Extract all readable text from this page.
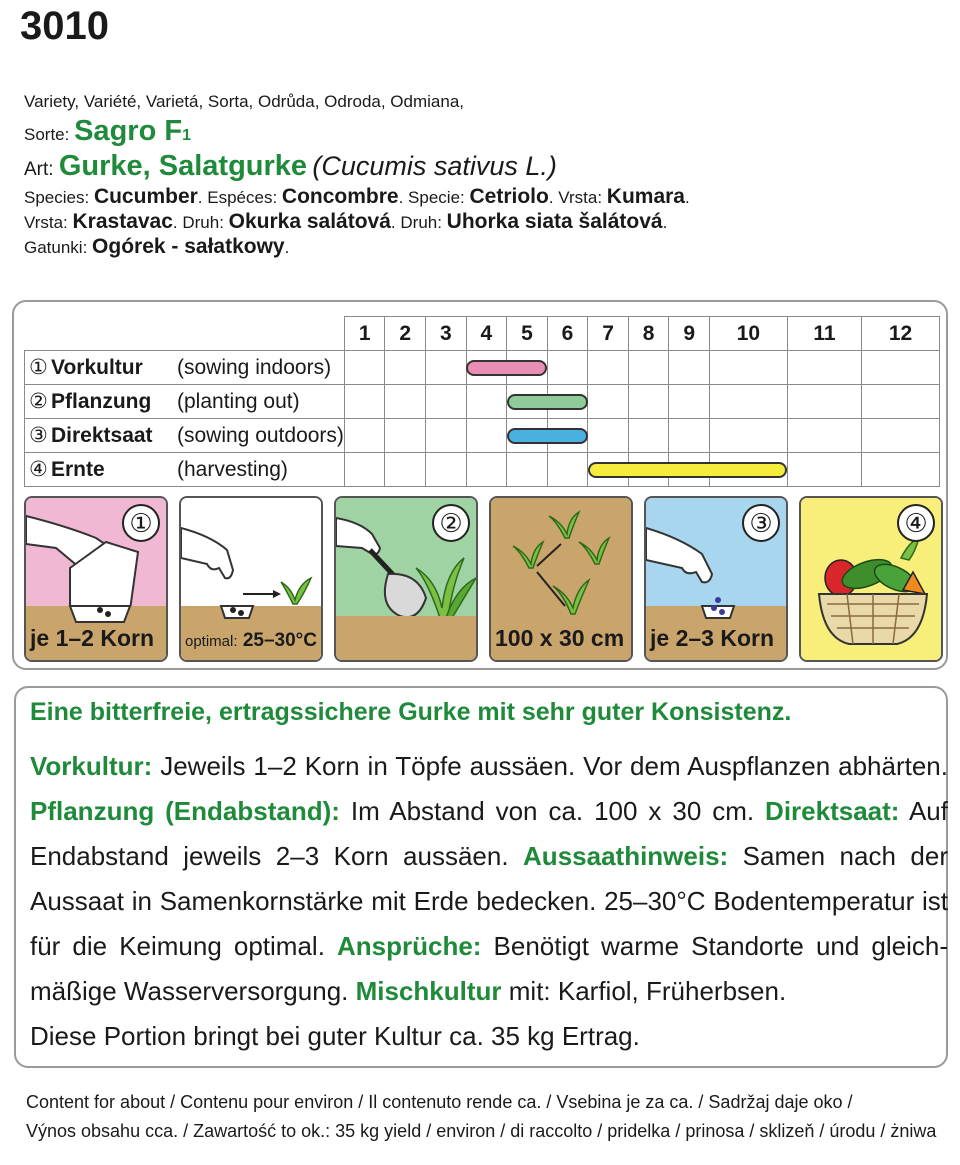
3010
Variety, Variété, Varietá, Sorta, Odrůda, Odroda, Odmiana,
Sorte: Sagro F1
Art: Gurke, Salatgurke (Cucumis sativus L.)
Species: Cucumber. Espéces: Concombre. Specie: Cetriolo. Vrsta: Kumara.
Vrsta: Krastavac. Druh: Okurka salátová. Druh: Uhorka siata šalátová.
Gatunki: Ogórek - sałatkowy.
	1	2	3	4	5	6	7	8	9	10	11	12
① Vorkultur (sowing indoors)												
② Pflanzung (planting out)												
③ Direktsaat (sowing outdoors)												
④ Ernte (harvesting)												
①
je 1–2 Korn optimal: 25–30°C
②
100 x 30 cm
③
je 2–3 Korn
④
Eine bitterfreie, ertragssichere Gurke mit sehr guter Konsistenz.

Vorkultur: Jeweils 1–2 Korn in Töpfe aussäen. Vor dem Auspflanzen abhärten. Pflanzung (Endabstand): Im Abstand von ca. 100 x 30 cm. Direktsaat: Auf Endabstand jeweils 2–3 Korn aussäen. Aussaathinweis: Samen nach der Aussaat in Samenkornstärke mit Erde bedecken. 25–30°C Bodentemperatur ist für die Keimung optimal. Ansprüche: Benötigt warme Standorte und gleich-mäßige Wasserversorgung. Mischkultur mit: Karfiol, Früherbsen.

Diese Portion bringt bei guter Kultur ca. 35 kg Ertrag.

Content for about / Contenu pour environ / Il contenuto rende ca. / Vsebina je za ca. / Sadržaj daje oko /
Výnos obsahu cca. / Zawartość to ok.: 35 kg yield / environ / di raccolto / pridelka / prinosa / sklizeň / úrodu / żniwa
